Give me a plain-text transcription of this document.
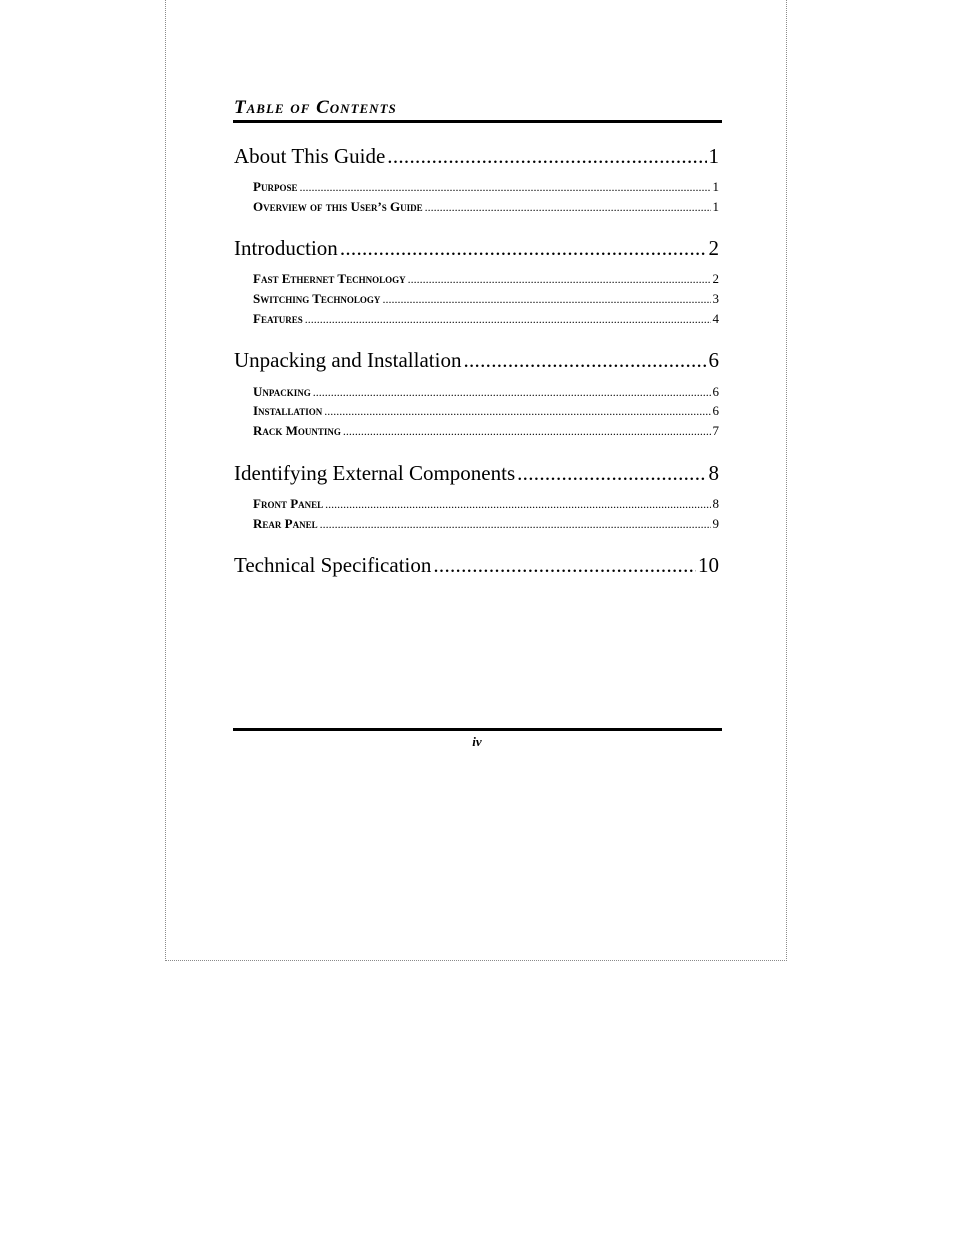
Table of Contents
About This Guide .....	1
Purpose .....	1
Overview of this User’s Guide .....	1
Introduction .....	2
Fast Ethernet Technology .....	2
Switching Technology .....	3
Features .....	4
Unpacking and Installation .....	6
Unpacking .....	6
Installation .....	6
Rack Mounting .....	7
Identifying External Components .....	8
Front Panel .....	8
Rear Panel .....	9
Technical Specification .....	10
iv
